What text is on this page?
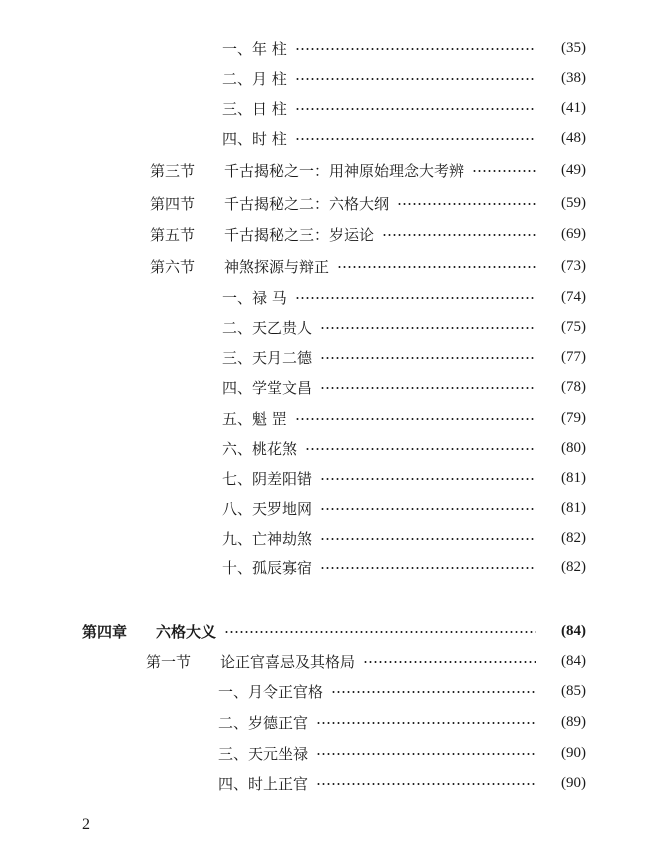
一、年 柱	(35)
二、月 柱	(38)
三、日 柱	(41)
四、时 柱	(48)
第三节	千古揭秘之一：用神原始理念大考辨	(49)
第四节	千古揭秘之二：六格大纲	(59)
第五节	千古揭秘之三：岁运论	(69)
第六节	神煞探源与辩正	(73)
一、禄 马	(74)
二、天乙贵人	(75)
三、天月二德	(77)
四、学堂文昌	(78)
五、魁 罡	(79)
六、桃花煞	(80)
七、阴差阳错	(81)
八、天罗地网	(81)
九、亡神劫煞	(82)
十、孤辰寡宿	(82)
第四章	六格大义	(84)
第一节	论正官喜忌及其格局	(84)
一、月令正官格	(85)
二、岁德正官	(89)
三、天元坐禄	(90)
四、时上正官	(90)
2
